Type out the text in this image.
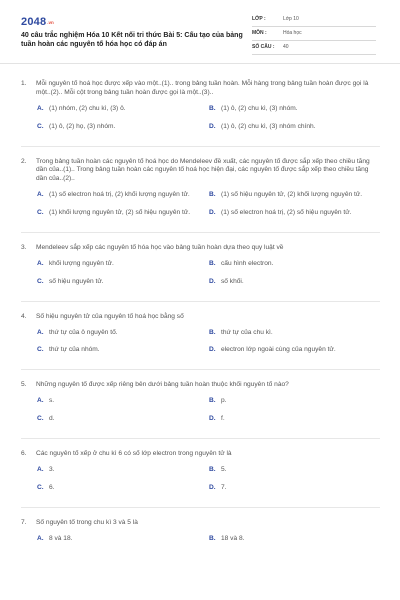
$2048^{.vn}$
40 câu trắc nghiệm Hóa 10 Kết nối tri thức Bài 5: Cấu tạo của bảng tuần hoàn các nguyên tố hóa học có đáp án
LỚP :	Lớp 10
MÔN :	Hóa học
SỐ CÂU :	40
1.	Mỗi nguyên tố hoá học được xếp vào một..(1).. trong bảng tuần hoàn. Mỗi hàng trong bảng tuần hoàn được gọi là một..(2).. Mỗi cột trong bảng tuần hoàn được gọi là một..(3)..
A. (1) nhóm, (2) chu kì, (3) ô.	B. (1) ô, (2) chu kì, (3) nhóm.
C. (1) ô, (2) họ, (3) nhóm.	D. (1) ô, (2) chu kì, (3) nhóm chính.
2.	Trong bảng tuần hoàn các nguyên tố hoá học do Mendeleev đề xuất, các nguyên tố được sắp xếp theo chiều tăng dần của..(1).. Trong bảng tuần hoàn các nguyên tố hoá học hiện đại, các nguyên tố được sắp xếp theo chiều tăng dần của..(2)..
A. (1) số electron hoá trị, (2) khối lượng nguyên tử.	B. (1) số hiệu nguyên tử, (2) khối lượng nguyên tử.
C. (1) khối lượng nguyên tử, (2) số hiệu nguyên tử.	D. (1) số electron hoá trị, (2) số hiệu nguyên tử.
3.	Mendeleev sắp xếp các nguyên tố hóa học vào bảng tuần hoàn dựa theo quy luật về
A. khối lượng nguyên tử.	B. cấu hình electron.
C. số hiệu nguyên tử.	D. số khối.
4.	Số hiệu nguyên tử của nguyên tố hoá học bằng số
A. thứ tự của ô nguyên tố.	B. thứ tự của chu kì.
C. thứ tự của nhóm.	D. electron lớp ngoài cùng của nguyên tử.
5.	Những nguyên tố được xếp riêng bên dưới bảng tuần hoàn thuộc khối nguyên tố nào?
A. s.	B. p.
C. d.	D. f.
6.	Các nguyên tố xếp ở chu kì 6 có số lớp electron trong nguyên tử là
A. 3.	B. 5.
C. 6.	D. 7.
7.	Số nguyên tố trong chu kì 3 và 5 là
A. 8 và 18.	B. 18 và 8.
